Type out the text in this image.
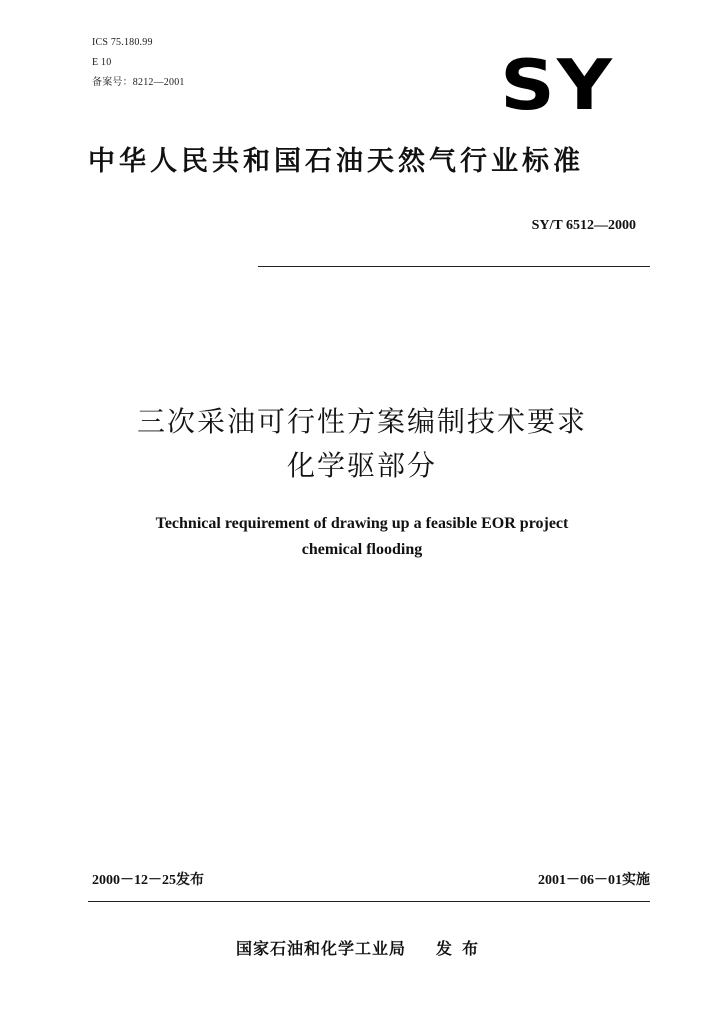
ICS 75.180.99
E 10
备案号：8212—2001	SY
中华人民共和国石油天然气行业标准
SY/T 6512—2000
三次采油可行性方案编制技术要求
化学驱部分
Technical requirement of drawing up a feasible EOR project
chemical flooding
2000－12－25发布	2001－06－01实施
国家石油和化学工业局 发布
